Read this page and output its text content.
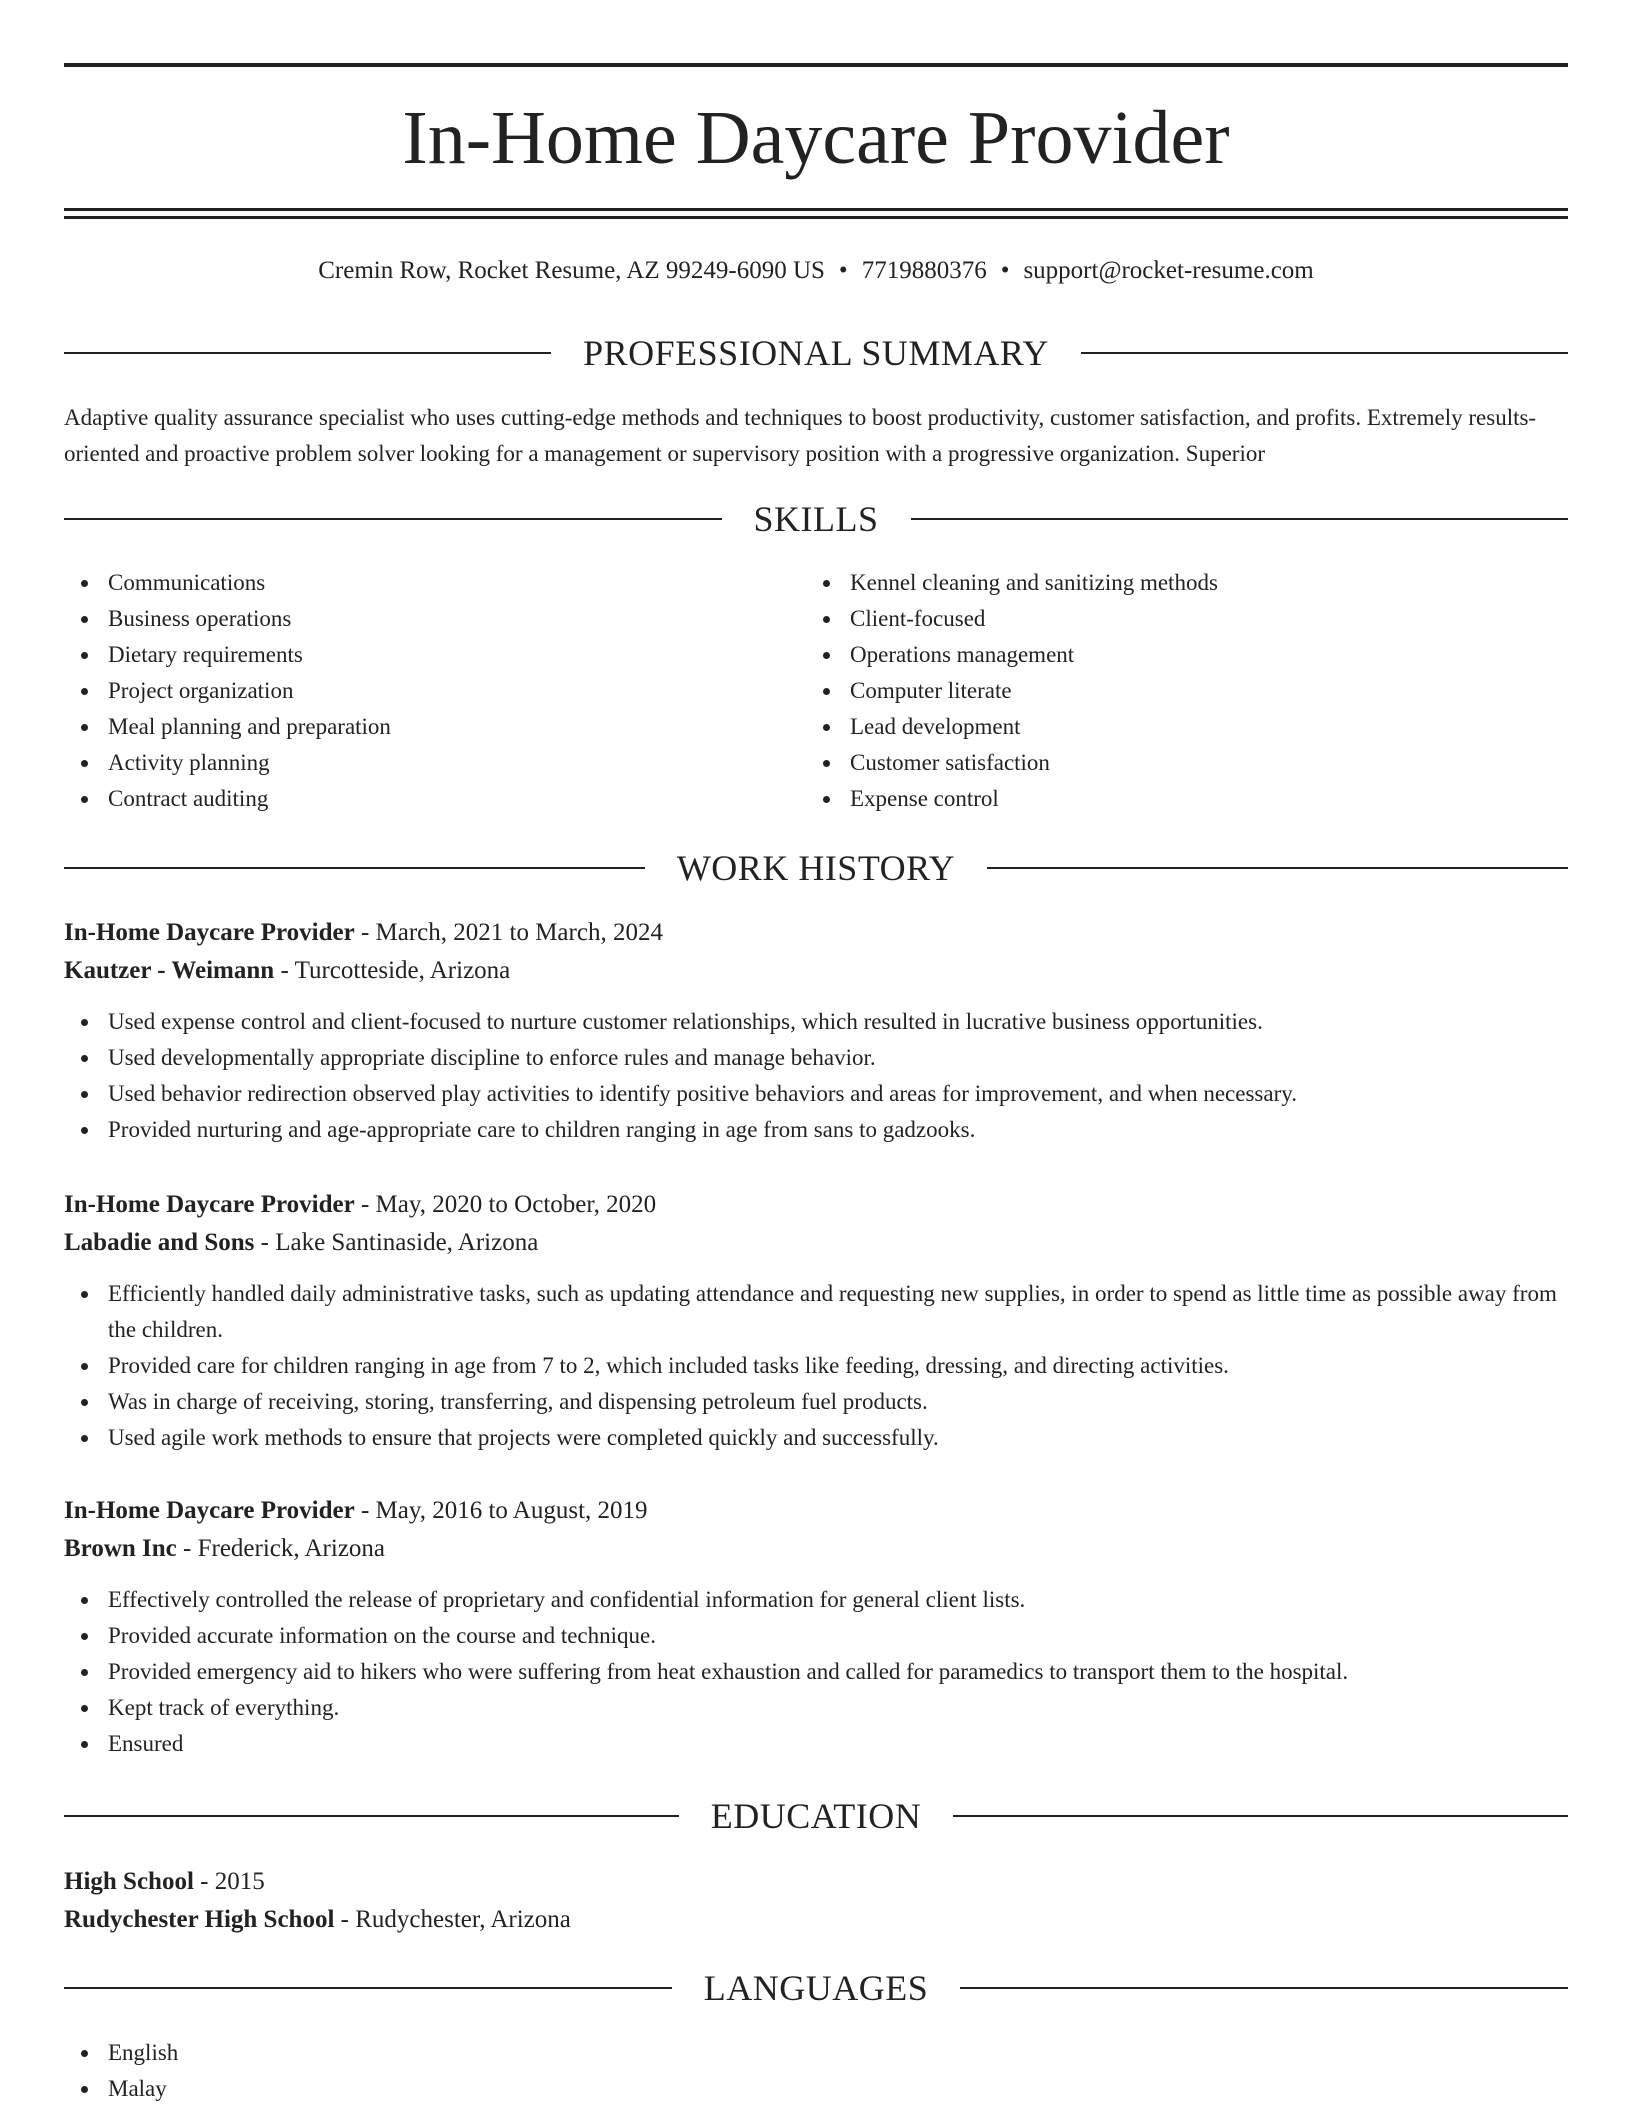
In-Home Daycare Provider
Cremin Row, Rocket Resume, AZ 99249-6090 US • 7719880376 • support@rocket-resume.com
PROFESSIONAL SUMMARY
Adaptive quality assurance specialist who uses cutting-edge methods and techniques to boost productivity, customer satisfaction, and profits. Extremely results-oriented and proactive problem solver looking for a management or supervisory position with a progressive organization. Superior
SKILLS
Communications
Business operations
Dietary requirements
Project organization
Meal planning and preparation
Activity planning
Contract auditing
Kennel cleaning and sanitizing methods
Client-focused
Operations management
Computer literate
Lead development
Customer satisfaction
Expense control
WORK HISTORY
In-Home Daycare Provider - March, 2021 to March, 2024
Kautzer - Weimann - Turcotteside, Arizona
Used expense control and client-focused to nurture customer relationships, which resulted in lucrative business opportunities.
Used developmentally appropriate discipline to enforce rules and manage behavior.
Used behavior redirection observed play activities to identify positive behaviors and areas for improvement, and when necessary.
Provided nurturing and age-appropriate care to children ranging in age from sans to gadzooks.
In-Home Daycare Provider - May, 2020 to October, 2020
Labadie and Sons - Lake Santinaside, Arizona
Efficiently handled daily administrative tasks, such as updating attendance and requesting new supplies, in order to spend as little time as possible away from the children.
Provided care for children ranging in age from 7 to 2, which included tasks like feeding, dressing, and directing activities.
Was in charge of receiving, storing, transferring, and dispensing petroleum fuel products.
Used agile work methods to ensure that projects were completed quickly and successfully.
In-Home Daycare Provider - May, 2016 to August, 2019
Brown Inc - Frederick, Arizona
Effectively controlled the release of proprietary and confidential information for general client lists.
Provided accurate information on the course and technique.
Provided emergency aid to hikers who were suffering from heat exhaustion and called for paramedics to transport them to the hospital.
Kept track of everything.
Ensured
EDUCATION
High School - 2015
Rudychester High School - Rudychester, Arizona
LANGUAGES
English
Malay
